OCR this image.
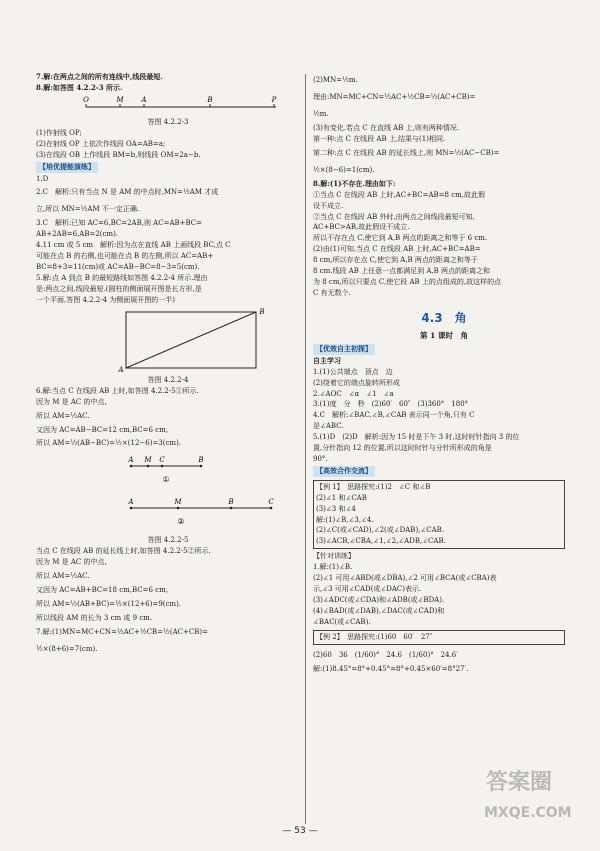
7.解:在两点之间的所有连线中,线段最短.

8.解:如答图 4.2.2-3 所示.

O	M	A	B	P

答图 4.2.2-3

(1)作射线 OP;

(2)在射线 OP 上依次作线段 OA=AB=a;

(3)在线段 OB 上作线段 BM=b,则线段 OM=2a−b.

【培优提能演练】

1.D

2.C　解析:只有当点 N 是 AM 的中点时,MN=½AM 才成

立,所以 MN=½AM 不一定正确.

3.C　解析:已知 AC=6,BC=2AB,则 AC=AB+BC=

AB+2AB=6,AB=2(cm).

4.11 cm 或 5 cm　解析:因为点在直线 AB 上画线段 BC,点 C

可能在点 B 的右侧,也可能在点 B 的左侧,所以 AC=AB+

BC=8+3=11(cm)或 AC=AB−BC=8−3=5(cm).

5.解:点 A 到点 B 的最短路线如答图 4.2.2-4 所示.理由

是:两点之间,线段最短.(圆柱的侧面展开图是长方形,是

一个平面,答图 4.2.2-4 为侧面展开图的一半)

A
B

答图 4.2.2-4

6.解:当点 C 在线段 AB 上时,如答图 4.2.2-5①所示.

因为 M 是 AC 的中点,

所以 AM=½AC.

又因为 AC=AB−BC=12 cm,BC=6 cm,

所以 AM=½(AB−BC)=½×(12−6)=3(cm).

A M C	B
①
A	M	B	C
②

答图 4.2.2-5

当点 C 在线段 AB 的延长线上时,如答图 4.2.2-5②所示.

因为 M 是 AC 的中点,

所以 AM=½AC.

又因为 AC=AB+BC=18 cm,BC=6 cm,

所以 AM=½(AB+BC)=½×(12+6)=9(cm).

所以线段 AM 的长为 3 cm 或 9 cm.

7.解:(1)MN=MC+CN=½AC+½CB=½(AC+CB)=

½×(8+6)=7(cm).

(2)MN=½m.

理由:MN=MC+CN=½AC+½CB=½(AC+CB)=

½m.

(3)有变化.若点 C 在直线 AB 上,则有两种情况.

第一种:点 C 在线段 AB 上,结果与(1)相同.

第二种:点 C 在线段 AB 的延长线上,则 MN=½(AC−CB)=

½×(8−6)=1(cm).

8.解:(1)不存在.理由如下:

①当点 C 在线段 AB 上时,AC+BC=AB=8 cm,故此假

设不成立.

②当点 C 在线段 AB 外时,由两点之间线段最短可知,

AC+BC>AB,故此假设不成立.

所以不存在点 C,使它到 A,B 两点的距离之和等于 6 cm.

(2)由(1)可知,当点 C 在线段 AB 上时,AC+BC=AB=

8 cm,所以存在点 C,使它到 A,B 两点的距离之和等于

8 cm.线段 AB 上任意一点都满足到 A,B 两点的距离之和

为 8 cm,所以只要点 C,使它段 AB 上的点组成的,故这样的点

C 有无数个.

4.3　角

第 1 课时　角

【优效自主初探】

自主学习

1.(1)公共端点　顶点　边

(2)绕着它的端点旋转所形成

2.∠AOC　∠α　∠1　∠a

3.(1)度　分　秒　(2)60′　60″　(3)360°　180°

4.C　解析:∠BAC,∠B,∠CAB 表示同一个角,只有 C

是∠ABC.

5.(1)D　(2)D　解析:因为 15 时是下午 3 时,这时时针指向 3 的位

置,分针指向 12 的位置,所以这时时针与分针所形成的角是

90°.

【高效合作交流】

【例 1】　思路探究:(1)2　∠C 和∠B

(2)∠1 和∠CAB

(3)∠3 和∠4

解:(1)∠B,∠3,∠4.

(2)∠C(或∠CAD),∠2(或∠DAB),∠CAB.

(3)∠ACB,∠CBA,∠1,∠2,∠ADB,∠CAB.

【针对训练】

1.解:(1)∠B.

(2)∠1 可用∠ABD(或∠DBA),∠2 可用∠BCA(或∠CBA)表

示,∠3 可用∠CAD(或∠DAC)表示.

(3)∠ADC(或∠CDA)和∠ADB(或∠BDA).

(4)∠BAD(或∠DAB),∠DAC(或∠CAD)和

∠BAC(或∠CAB).

【例 2】　思路探究:(1)60　60′　27″

(2)60　36　(1/60)°　24.6　(1/60)°　24.6′

解:(1)8.45°=8°+0.45°=8°+0.45×60′=8°27′.

— 53 —
答案圈
MXQE.COM
